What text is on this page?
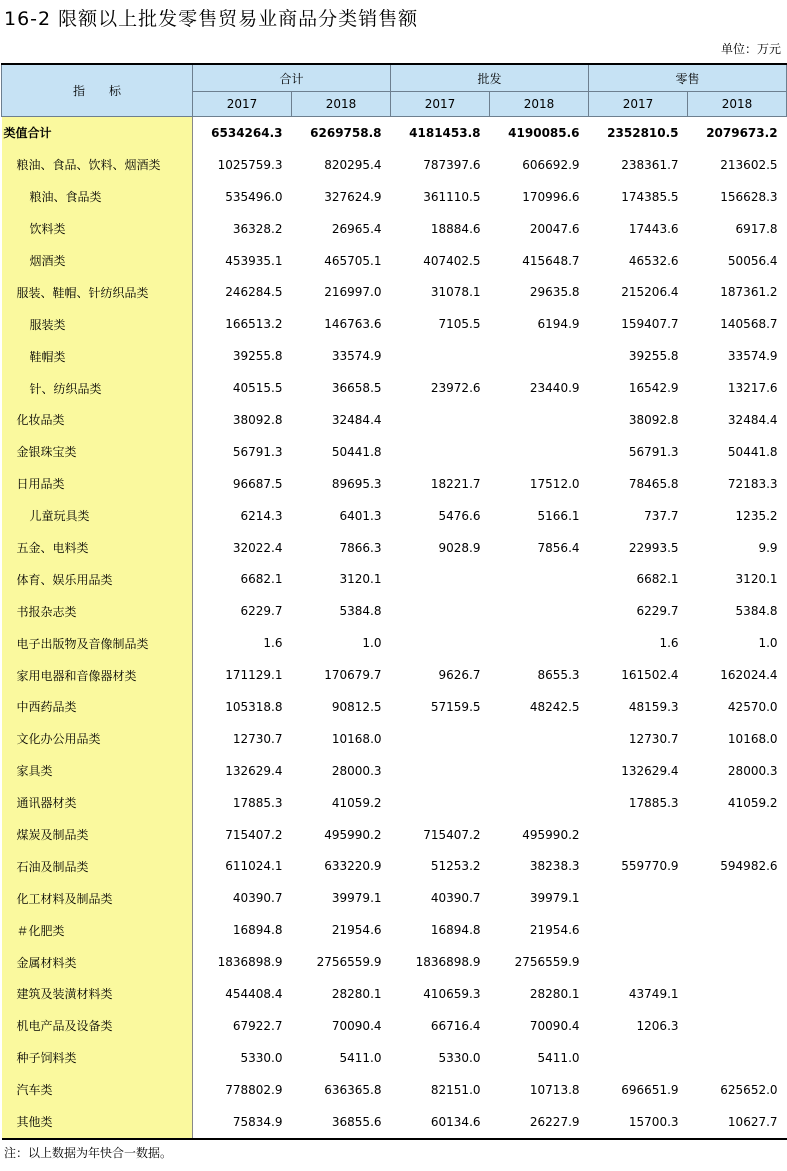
16-2 限额以上批发零售贸易业商品分类销售额
单位：万元
指　　标	合计		批发		零售	
	2017	2018	2017	2018	2017	2018
类值合计	6534264.3	6269758.8	4181453.8	4190085.6	2352810.5	2079673.2
粮油、食品、饮料、烟酒类	1025759.3	820295.4	787397.6	606692.9	238361.7	213602.5
粮油、食品类	535496.0	327624.9	361110.5	170996.6	174385.5	156628.3
饮料类	36328.2	26965.4	18884.6	20047.6	17443.6	6917.8
烟酒类	453935.1	465705.1	407402.5	415648.7	46532.6	50056.4
服装、鞋帽、针纺织品类	246284.5	216997.0	31078.1	29635.8	215206.4	187361.2
服装类	166513.2	146763.6	7105.5	6194.9	159407.7	140568.7
鞋帽类	39255.8	33574.9			39255.8	33574.9
针、纺织品类	40515.5	36658.5	23972.6	23440.9	16542.9	13217.6
化妆品类	38092.8	32484.4			38092.8	32484.4
金银珠宝类	56791.3	50441.8			56791.3	50441.8
日用品类	96687.5	89695.3	18221.7	17512.0	78465.8	72183.3
儿童玩具类	6214.3	6401.3	5476.6	5166.1	737.7	1235.2
五金、电料类	32022.4	7866.3	9028.9	7856.4	22993.5	9.9
体育、娱乐用品类	6682.1	3120.1			6682.1	3120.1
书报杂志类	6229.7	5384.8			6229.7	5384.8
电子出版物及音像制品类	1.6	1.0			1.6	1.0
家用电器和音像器材类	171129.1	170679.7	9626.7	8655.3	161502.4	162024.4
中西药品类	105318.8	90812.5	57159.5	48242.5	48159.3	42570.0
文化办公用品类	12730.7	10168.0			12730.7	10168.0
家具类	132629.4	28000.3			132629.4	28000.3
通讯器材类	17885.3	41059.2			17885.3	41059.2
煤炭及制品类	715407.2	495990.2	715407.2	495990.2		
石油及制品类	611024.1	633220.9	51253.2	38238.3	559770.9	594982.6
化工材料及制品类	40390.7	39979.1	40390.7	39979.1		
＃化肥类	16894.8	21954.6	16894.8	21954.6		
金属材料类	1836898.9	2756559.9	1836898.9	2756559.9		
建筑及装潢材料类	454408.4	28280.1	410659.3	28280.1	43749.1	
机电产品及设备类	67922.7	70090.4	66716.4	70090.4	1206.3	
种子饲料类	5330.0	5411.0	5330.0	5411.0		
汽车类	778802.9	636365.8	82151.0	10713.8	696651.9	625652.0
其他类	75834.9	36855.6	60134.6	26227.9	15700.3	10627.7
注：以上数据为年快合一数据。
